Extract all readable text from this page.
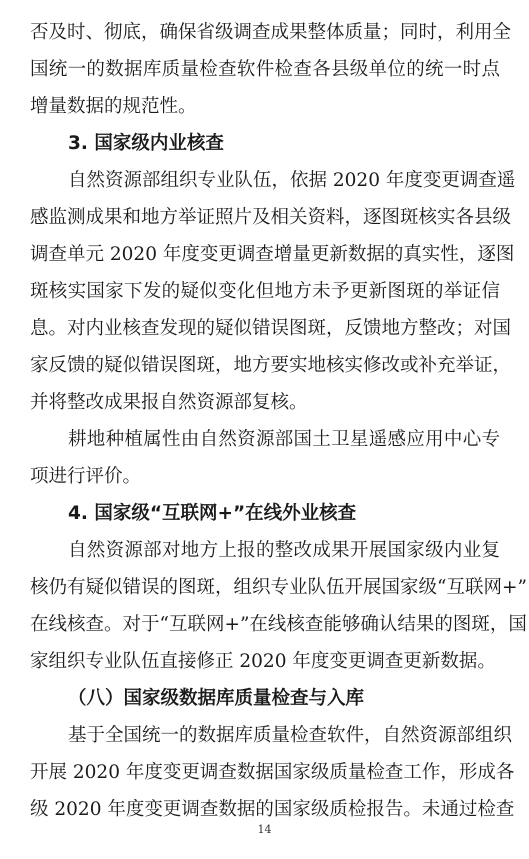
否及时、彻底，确保省级调查成果整体质量；同时，利用全
国统一的数据库质量检查软件检查各县级单位的统一时点
增量数据的规范性。
3. 国家级内业核查
自然资源部组织专业队伍，依据 2020 年度变更调查遥
感监测成果和地方举证照片及相关资料，逐图斑核实各县级
调查单元 2020 年度变更调查增量更新数据的真实性，逐图
斑核实国家下发的疑似变化但地方未予更新图斑的举证信
息。对内业核查发现的疑似错误图斑，反馈地方整改；对国
家反馈的疑似错误图斑，地方要实地核实修改或补充举证，
并将整改成果报自然资源部复核。
耕地种植属性由自然资源部国土卫星遥感应用中心专
项进行评价。
4. 国家级“互联网+”在线外业核查
自然资源部对地方上报的整改成果开展国家级内业复
核仍有疑似错误的图斑，组织专业队伍开展国家级“互联网+”
在线核查。对于“互联网+”在线核查能够确认结果的图斑，国
家组织专业队伍直接修正 2020 年度变更调查更新数据。
（八）国家级数据库质量检查与入库
基于全国统一的数据库质量检查软件，自然资源部组织
开展 2020 年度变更调查数据国家级质量检查工作，形成各
级 2020 年度变更调查数据的国家级质检报告。未通过检查
14
